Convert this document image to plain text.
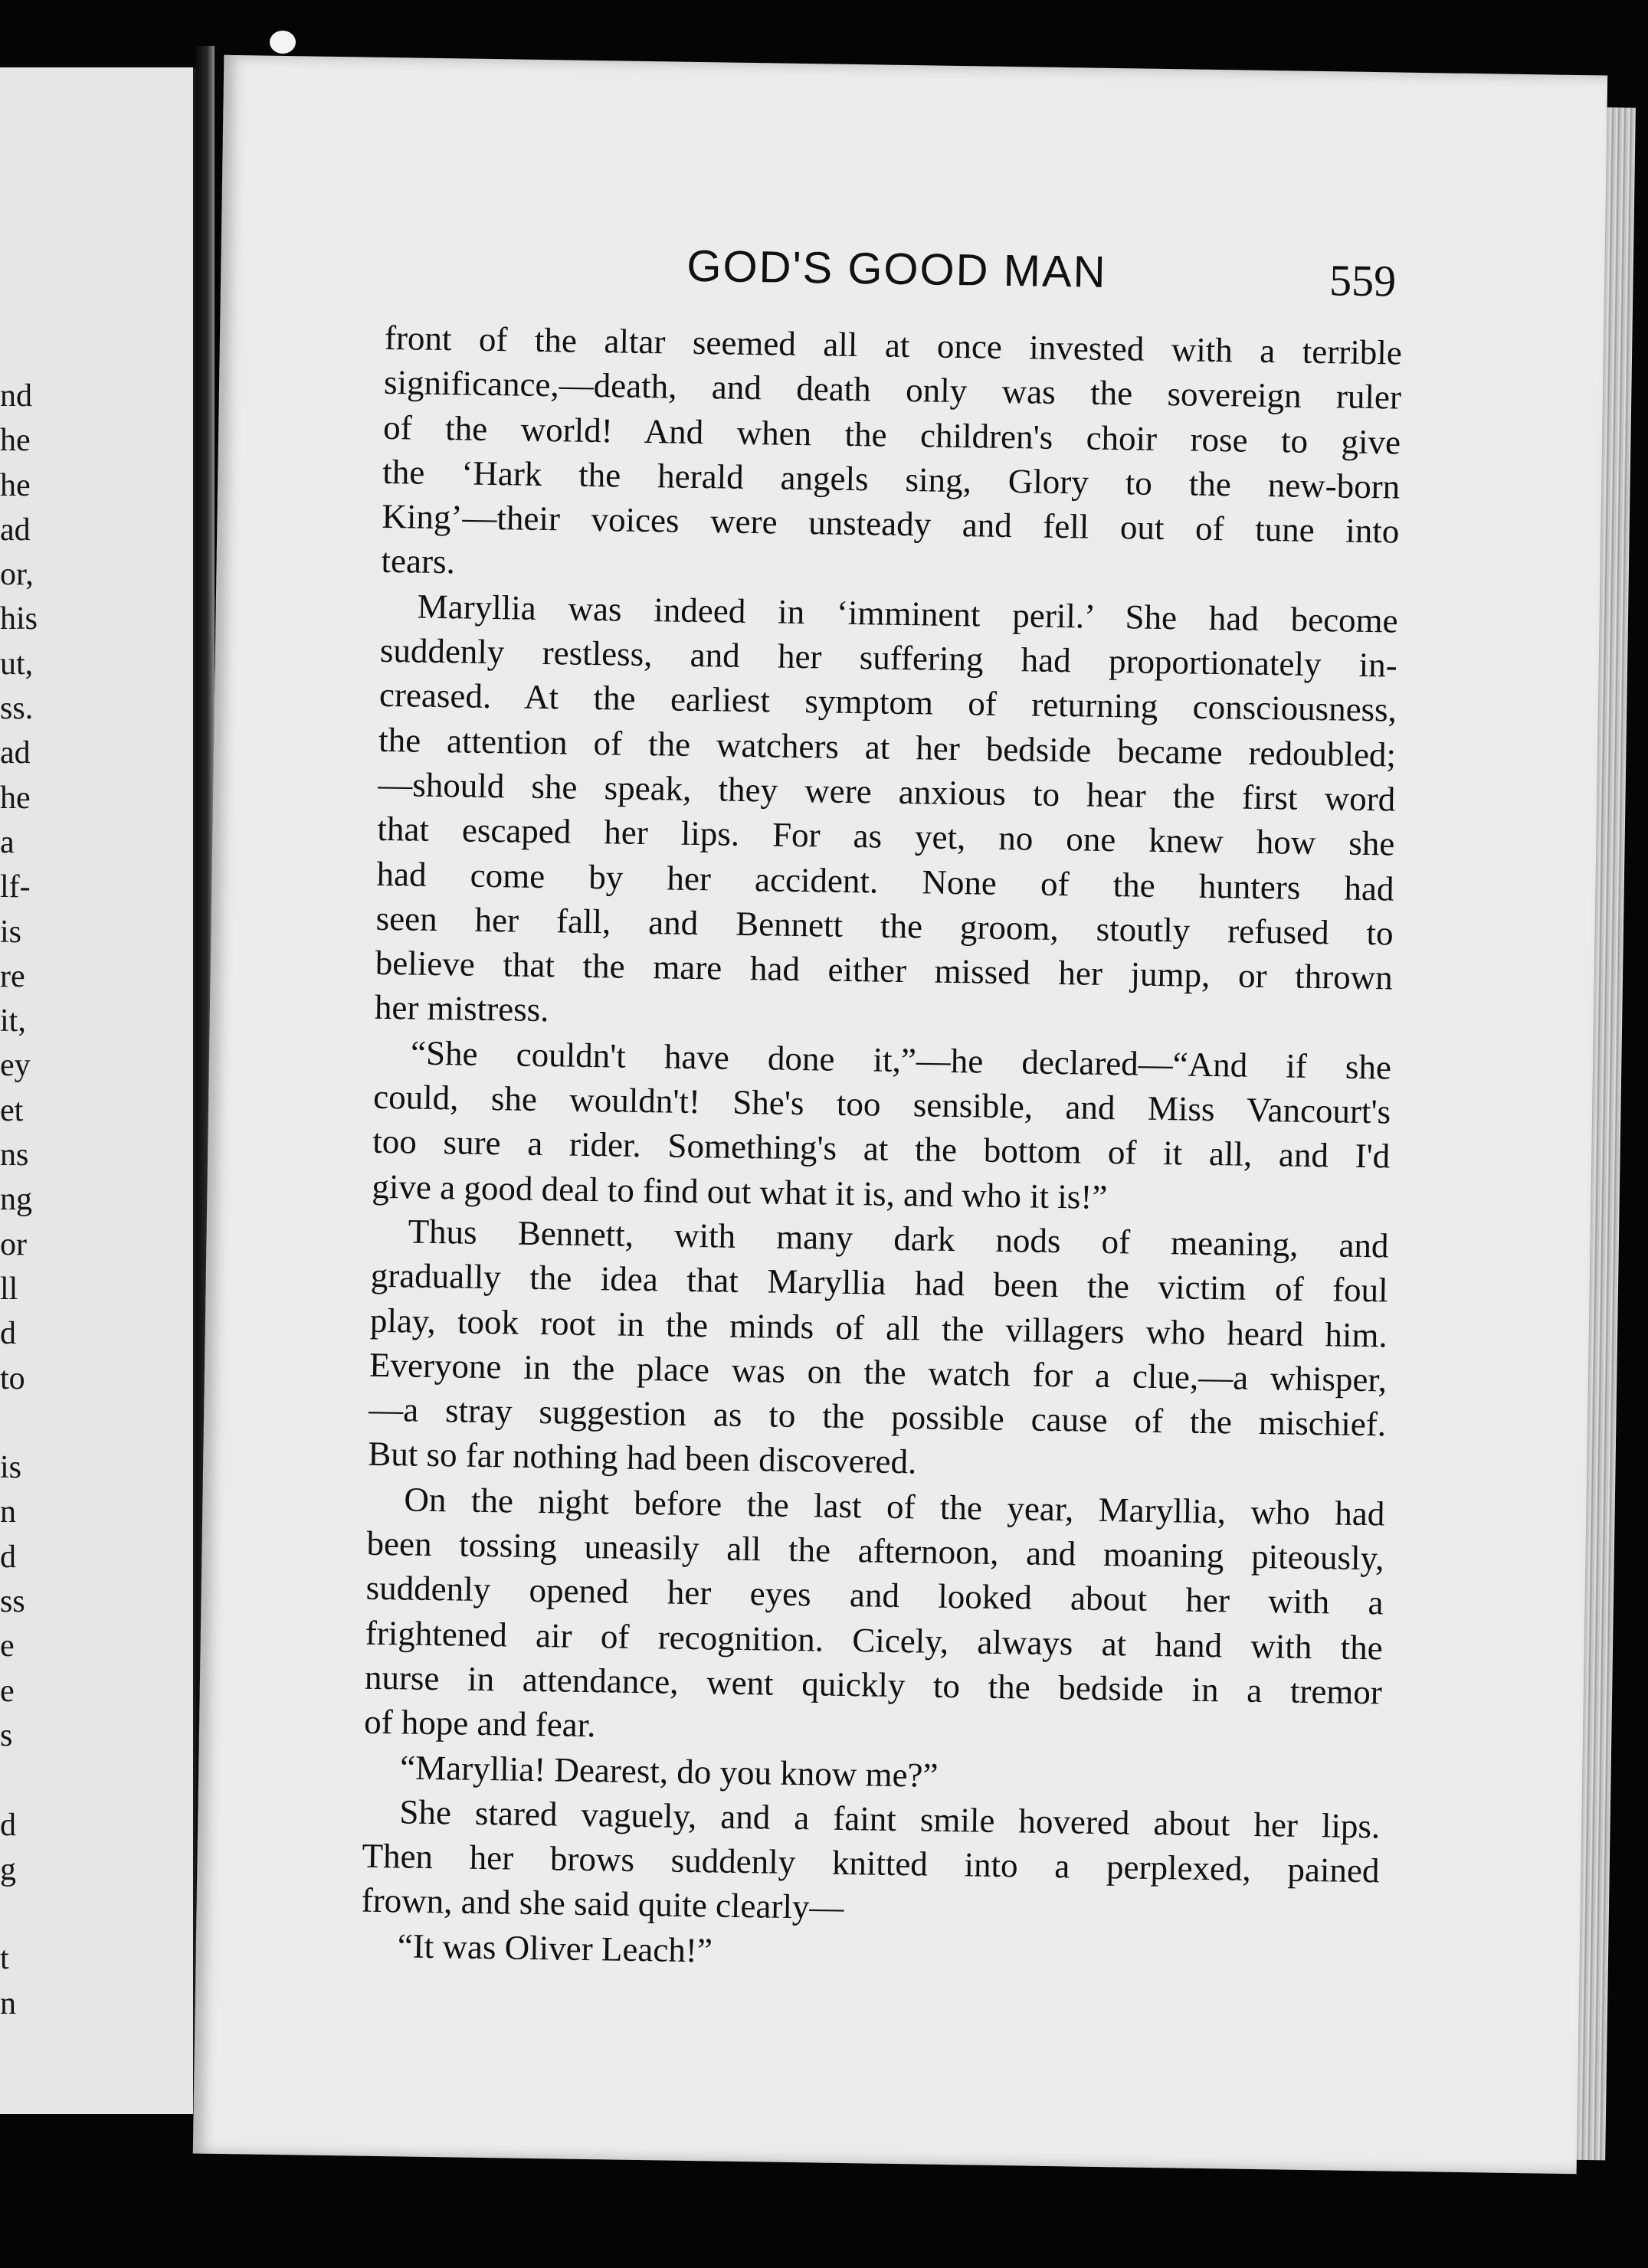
nd
he
he
ad
or,
his
ut,
ss.
ad
he
a
lf-
is
re
it,
ey
et
ns
ng
or
ll
d
to
is
n
d
ss
e
e
s
d
g
t
n
GOD'S GOOD MAN	559
front of the altar seemed all at once invested with a terrible
significance,—death, and death only was the sovereign ruler
of the world! And when the children's choir rose to give
the ‘Hark the herald angels sing, Glory to the new-born
King’—their voices were unsteady and fell out of tune into
tears.
Maryllia was indeed in ‘imminent peril.’ She had become
suddenly restless, and her suffering had proportionately in-
creased. At the earliest symptom of returning consciousness,
the attention of the watchers at her bedside became redoubled;
—should she speak, they were anxious to hear the first word
that escaped her lips. For as yet, no one knew how she
had come by her accident. None of the hunters had
seen her fall, and Bennett the groom, stoutly refused to
believe that the mare had either missed her jump, or thrown
her mistress.
“She couldn't have done it,”—he declared—“And if she
could, she wouldn't! She's too sensible, and Miss Vancourt's
too sure a rider. Something's at the bottom of it all, and I'd
give a good deal to find out what it is, and who it is!”
Thus Bennett, with many dark nods of meaning, and
gradually the idea that Maryllia had been the victim of foul
play, took root in the minds of all the villagers who heard him.
Everyone in the place was on the watch for a clue,—a whisper,
—a stray suggestion as to the possible cause of the mischief.
But so far nothing had been discovered.
On the night before the last of the year, Maryllia, who had
been tossing uneasily all the afternoon, and moaning piteously,
suddenly opened her eyes and looked about her with a
frightened air of recognition. Cicely, always at hand with the
nurse in attendance, went quickly to the bedside in a tremor
of hope and fear.
“Maryllia! Dearest, do you know me?”
She stared vaguely, and a faint smile hovered about her lips.
Then her brows suddenly knitted into a perplexed, pained
frown, and she said quite clearly—
“It was Oliver Leach!”
